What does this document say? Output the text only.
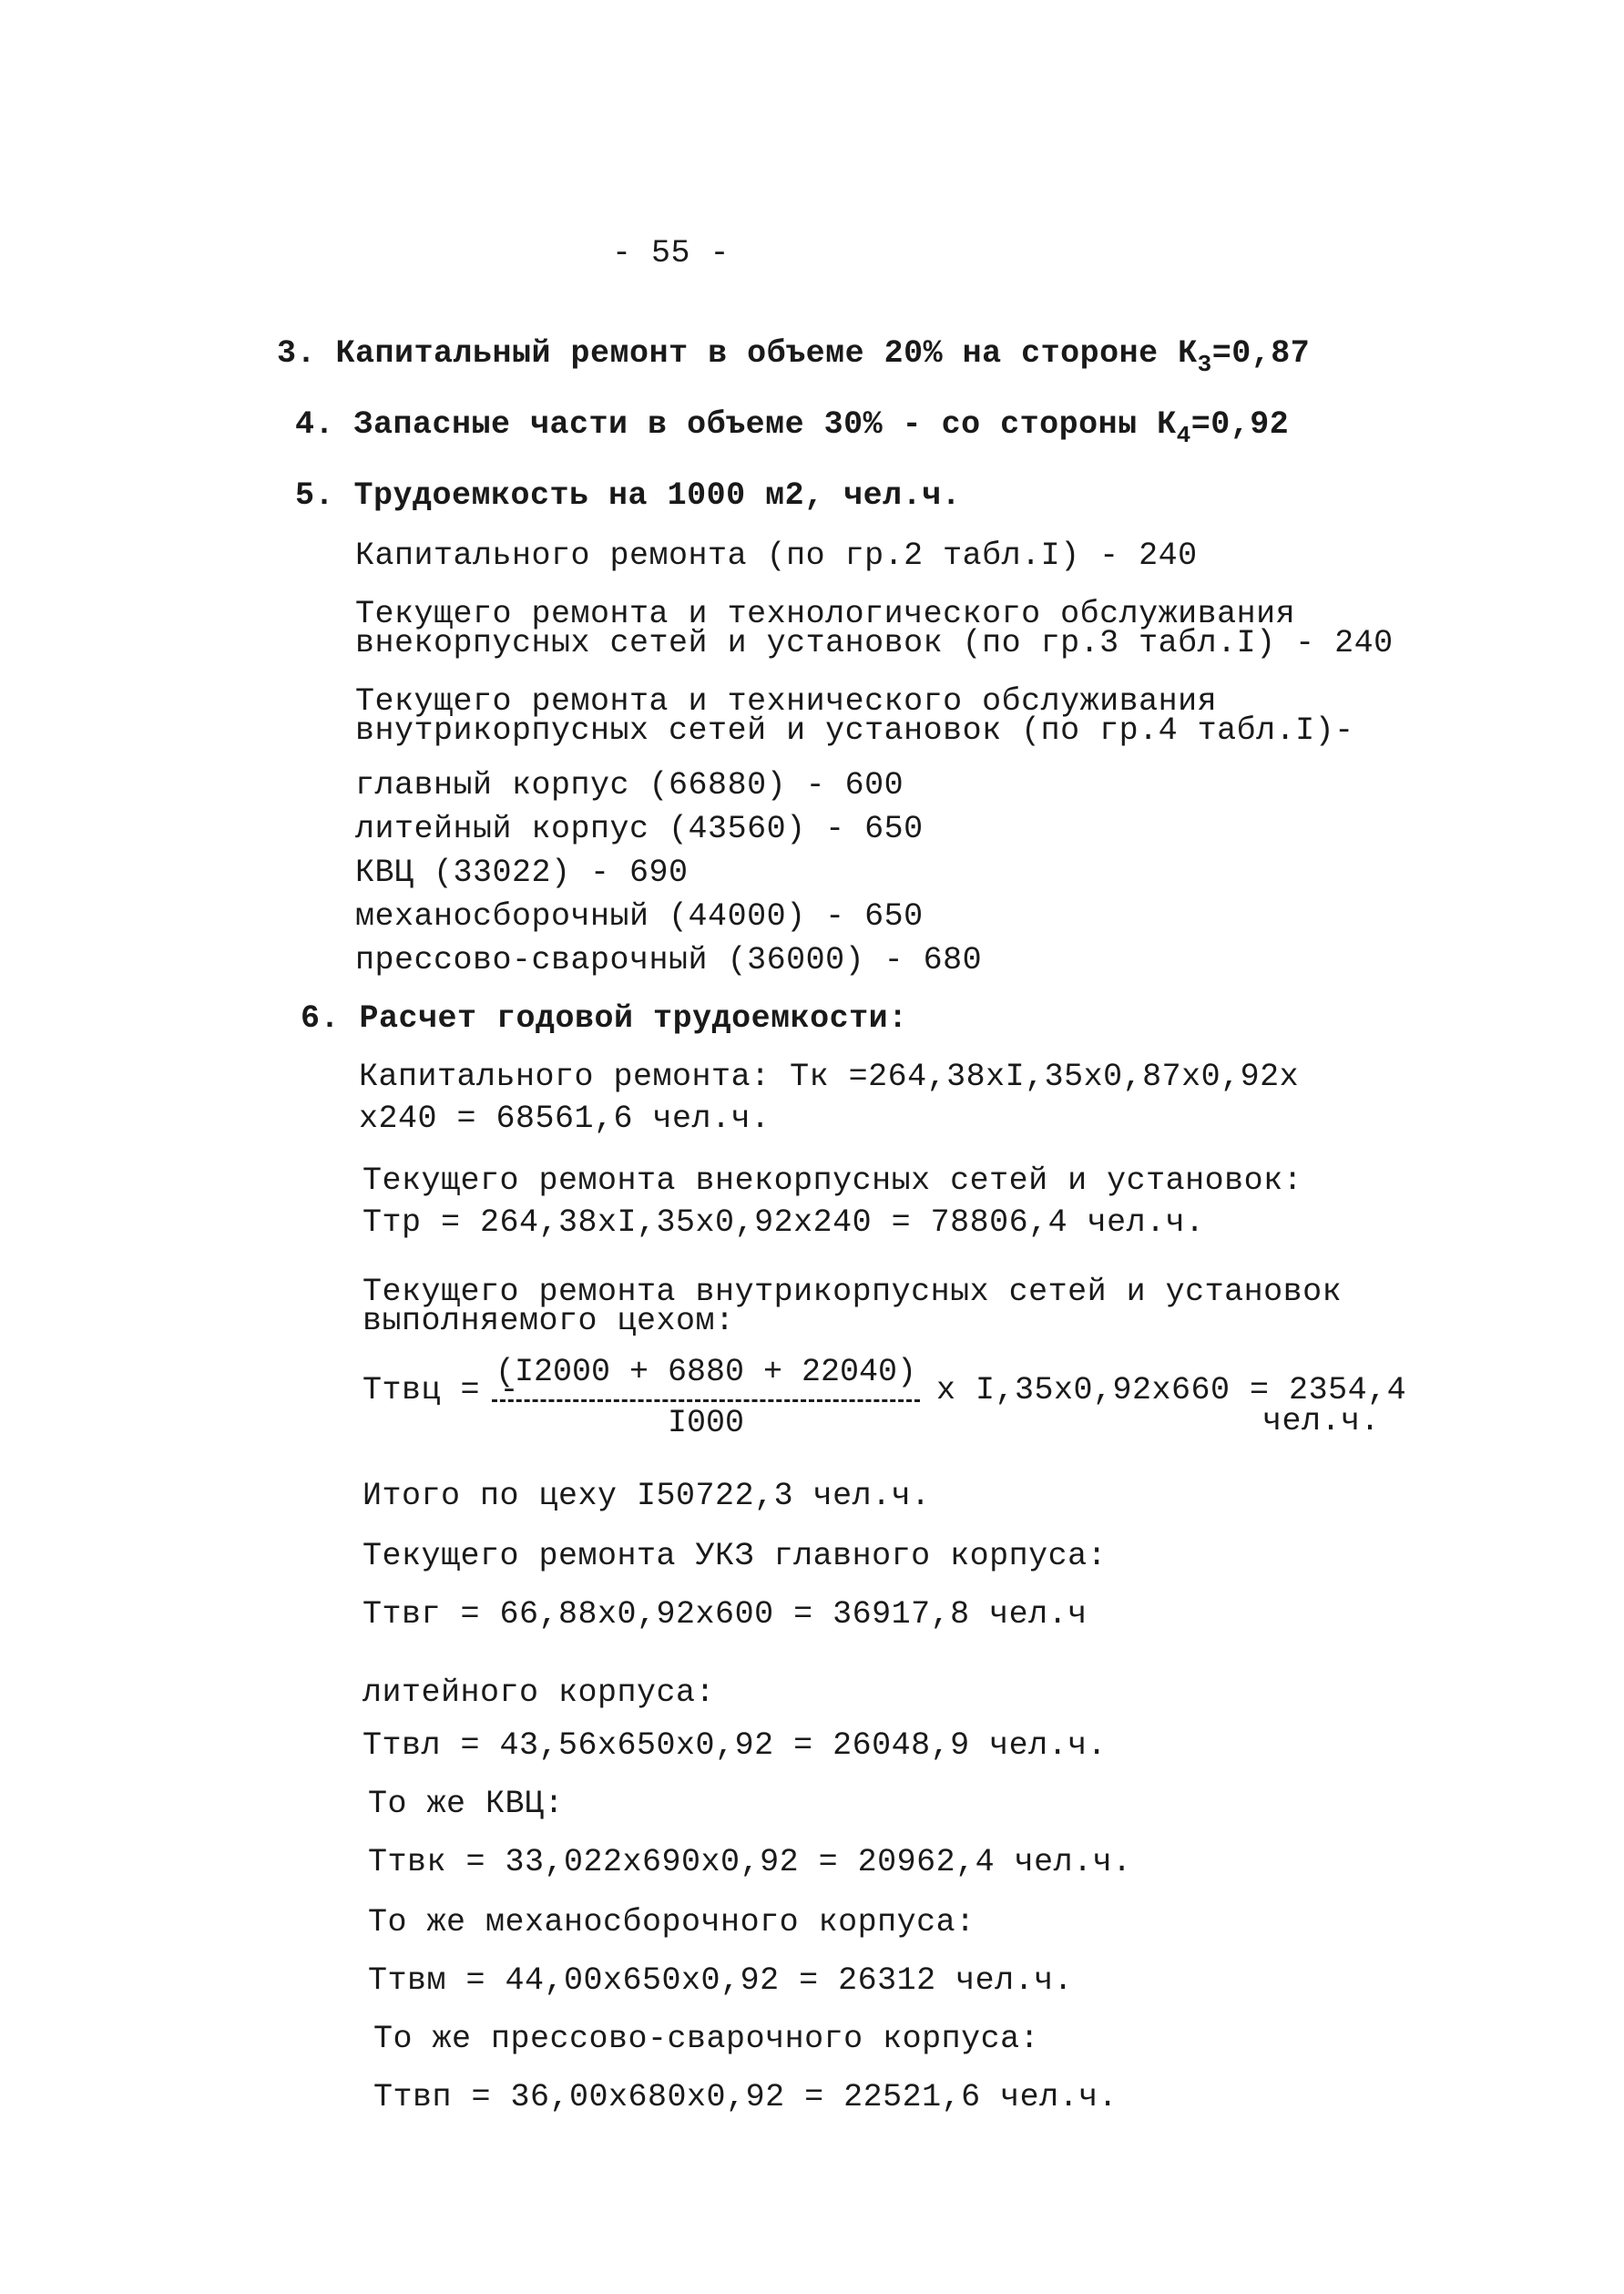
- 55 -
3. Капитальный ремонт в объеме 20% на стороне $К_3=0,87$
4. Запасные части в объеме 30% - со стороны $К_4=0,92$
5. Трудоемкость на 1000 м2, чел.ч.
Капитального ремонта (по гр.2 табл.I) - 240
Текущего ремонта и технологического обслуживания
внекорпусных сетей и установок (по гр.3 табл.I) - 240
Текущего ремонта и технического обслуживания
внутрикорпусных сетей и установок (по гр.4 табл.I)-
главный корпус (66880) - 600
литейный корпус (43560) - 650
КВЦ (33022) - 690
механосборочный (44000) - 650
прессово-сварочный (36000) - 680
6. Расчет годовой трудоемкости:
Капитального ремонта: Тк =264,38хI,35х0,87х0,92х
х240 = 68561,6 чел.ч.
Текущего ремонта внекорпусных сетей и установок:
Ттр = 264,38хI,35х0,92х240 = 78806,4 чел.ч.
Текущего ремонта внутрикорпусных сетей и установок
выполняемого цехом:
Ттвц = -
(I2000 + 6880 + 22040)
I000
х I,35х0,92х660 = 2354,4
чел.ч.
Итого по цеху I50722,3 чел.ч.
Текущего ремонта УКЗ главного корпуса:
Ттвг = 66,88х0,92х600 = 36917,8 чел.ч
литейного корпуса:
Ттвл = 43,56х650х0,92 = 26048,9 чел.ч.
То же КВЦ:
Ттвк = 33,022х690х0,92 = 20962,4 чел.ч.
То же механосборочного корпуса:
Ттвм = 44,00х650х0,92 = 26312 чел.ч.
То же прессово-сварочного корпуса:
Ттвп = 36,00х680х0,92 = 22521,6 чел.ч.
